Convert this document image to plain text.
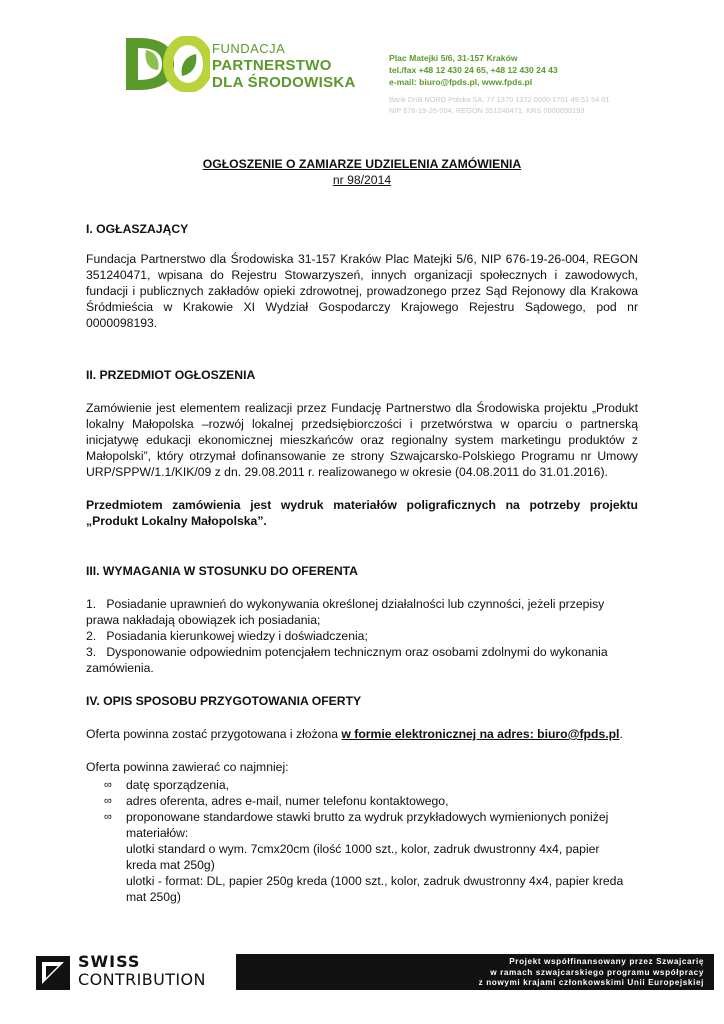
FUNDACJA
PARTNERSTWO
DLA ŚRODOWISKA
Plac Matejki 5/6, 31-157 Kraków
tel./fax +48 12 430 24 65, +48 12 430 24 43
e-mail: biuro@fpds.pl, www.fpds.pl
Bank DnB NORD Polska SA, 77 1370 1372 0000 1701 49 51 54 01
NIP 676-19-26-004, REGON 351240471, KRS 0000098193
OGŁOSZENIE O ZAMIARZE UDZIELENIA ZAMÓWIENIA
nr 98/2014
I. OGŁASZAJĄCY

Fundacja Partnerstwo dla Środowiska 31-157 Kraków Plac Matejki 5/6, NIP 676-19-26-004, REGON 351240471, wpisana do Rejestru Stowarzyszeń, innych organizacji społecznych i zawodowych, fundacji i publicznych zakładów opieki zdrowotnej, prowadzonego przez Sąd Rejonowy dla Krakowa Śródmieścia w Krakowie XI Wydział Gospodarczy Krajowego Rejestru Sądowego, pod nr 0000098193.

II. PRZEDMIOT OGŁOSZENIA

Zamówienie jest elementem realizacji przez Fundację Partnerstwo dla Środowiska projektu „Produkt lokalny Małopolska –rozwój lokalnej przedsiębiorczości i przetwórstwa w oparciu o partnerską inicjatywę edukacji ekonomicznej mieszkańców oraz regionalny system marketingu produktów z Małopolski”, który otrzymał dofinansowanie ze strony Szwajcarsko-Polskiego Programu nr Umowy URP/SPPW/1.1/KIK/09 z dn. 29.08.2011 r. realizowanego w okresie (04.08.2011 do 31.01.2016).

Przedmiotem zamówienia jest wydruk materiałów poligraficznych na potrzeby projektu „Produkt Lokalny Małopolska”.

III. WYMAGANIA W STOSUNKU DO OFERENTA
1. Posiadanie uprawnień do wykonywania określonej działalności lub czynności, jeżeli przepisy prawa nakładają obowiązek ich posiadania;
2. Posiadania kierunkowej wiedzy i doświadczenia;
3. Dysponowanie odpowiednim potencjałem technicznym oraz osobami zdolnymi do wykonania zamówienia.
IV. OPIS SPOSOBU PRZYGOTOWANIA OFERTY
Oferta powinna zostać przygotowana i złożona w formie elektronicznej na adres: biuro@fpds.pl.
Oferta powinna zawierać co najmniej:
∞	datę sporządzenia,
∞	adres oferenta, adres e-mail, numer telefonu kontaktowego,
∞	proponowane standardowe stawki brutto za wydruk przykładowych wymienionych poniżej materiałów:
ulotki standard o wym. 7cmx20cm (ilość 1000 szt., kolor, zadruk dwustronny 4x4, papier
kreda mat 250g)
ulotki - format: DL, papier 250g kreda (1000 szt., kolor, zadruk dwustronny 4x4, papier kreda
mat 250g)
SWISS
CONTRIBUTION
Projekt współfinansowany przez Szwajcarię
w ramach szwajcarskiego programu współpracy
z nowymi krajami członkowskimi Unii Europejskiej
